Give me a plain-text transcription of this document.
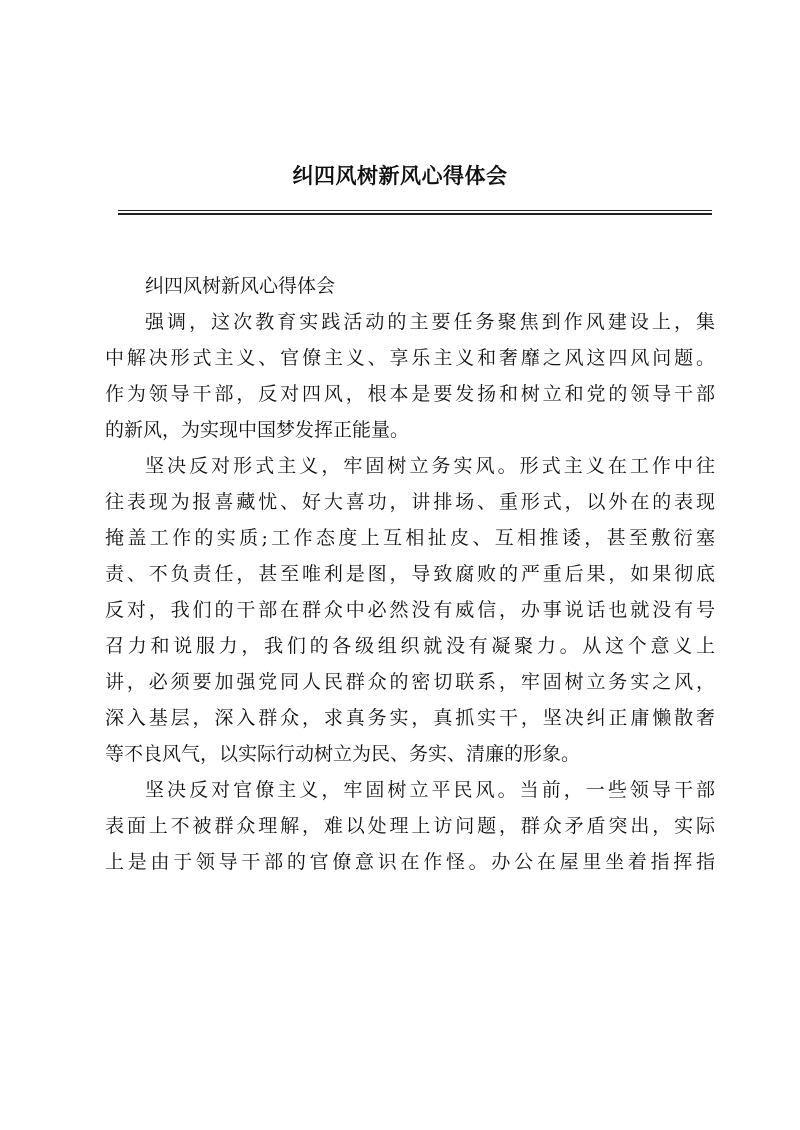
纠四风树新风心得体会
纠四风树新风心得体会
强调，这次教育实践活动的主要任务聚焦到作风建设上，集
中解决形式主义、官僚主义、享乐主义和奢靡之风这四风问题。
作为领导干部，反对四风，根本是要发扬和树立和党的领导干部
的新风，为实现中国梦发挥正能量。
坚决反对形式主义，牢固树立务实风。形式主义在工作中往
往表现为报喜藏忧、好大喜功，讲排场、重形式，以外在的表现
掩盖工作的实质;工作态度上互相扯皮、互相推诿，甚至敷衍塞
责、不负责任，甚至唯利是图，导致腐败的严重后果，如果彻底
反对，我们的干部在群众中必然没有威信，办事说话也就没有号
召力和说服力，我们的各级组织就没有凝聚力。从这个意义上
讲，必须要加强党同人民群众的密切联系，牢固树立务实之风，
深入基层，深入群众，求真务实，真抓实干，坚决纠正庸懒散奢
等不良风气，以实际行动树立为民、务实、清廉的形象。
坚决反对官僚主义，牢固树立平民风。当前，一些领导干部
表面上不被群众理解，难以处理上访问题，群众矛盾突出，实际
上是由于领导干部的官僚意识在作怪。办公在屋里坐着指挥指
